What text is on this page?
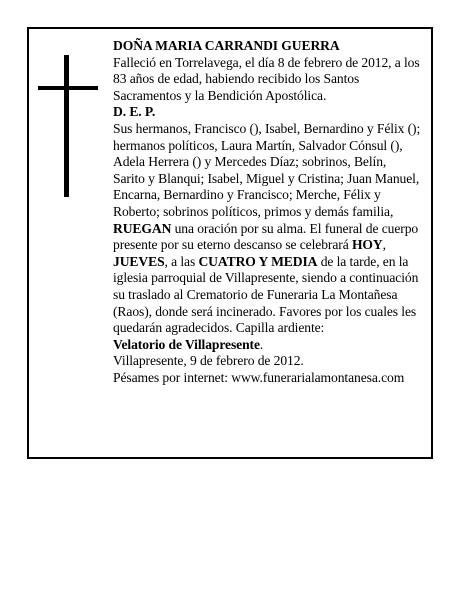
DOÑA MARIA CARRANDI GUERRA

Falleció en Torrelavega, el día 8 de febrero de 2012, a los 83 años de edad, habiendo recibido los Santos Sacramentos y la Bendición Apostólica.

D. E. P.

Sus hermanos, Francisco (), Isabel, Bernardino y Félix (); hermanos políticos, Laura Martín, Salvador Cónsul (), Adela Herrera () y Mercedes Díaz; sobrinos, Belín, Sarito y Blanqui; Isabel, Miguel y Cristina; Juan Manuel, Encarna, Bernardino y Francisco; Merche, Félix y Roberto; sobrinos políticos, primos y demás familia,

RUEGAN una oración por su alma. El funeral de cuerpo presente por su eterno descanso se celebrará HOY, JUEVES, a las CUATRO Y MEDIA de la tarde, en la iglesia parroquial de Villapresente, siendo a continuación su traslado al Crematorio de Funeraria La Montañesa (Raos), donde será incinerado. Favores por los cuales les quedarán agradecidos. Capilla ardiente:

Velatorio de Villapresente.

Villapresente, 9 de febrero de 2012.

Pésames por internet: www.funerarialamontanesa.com
